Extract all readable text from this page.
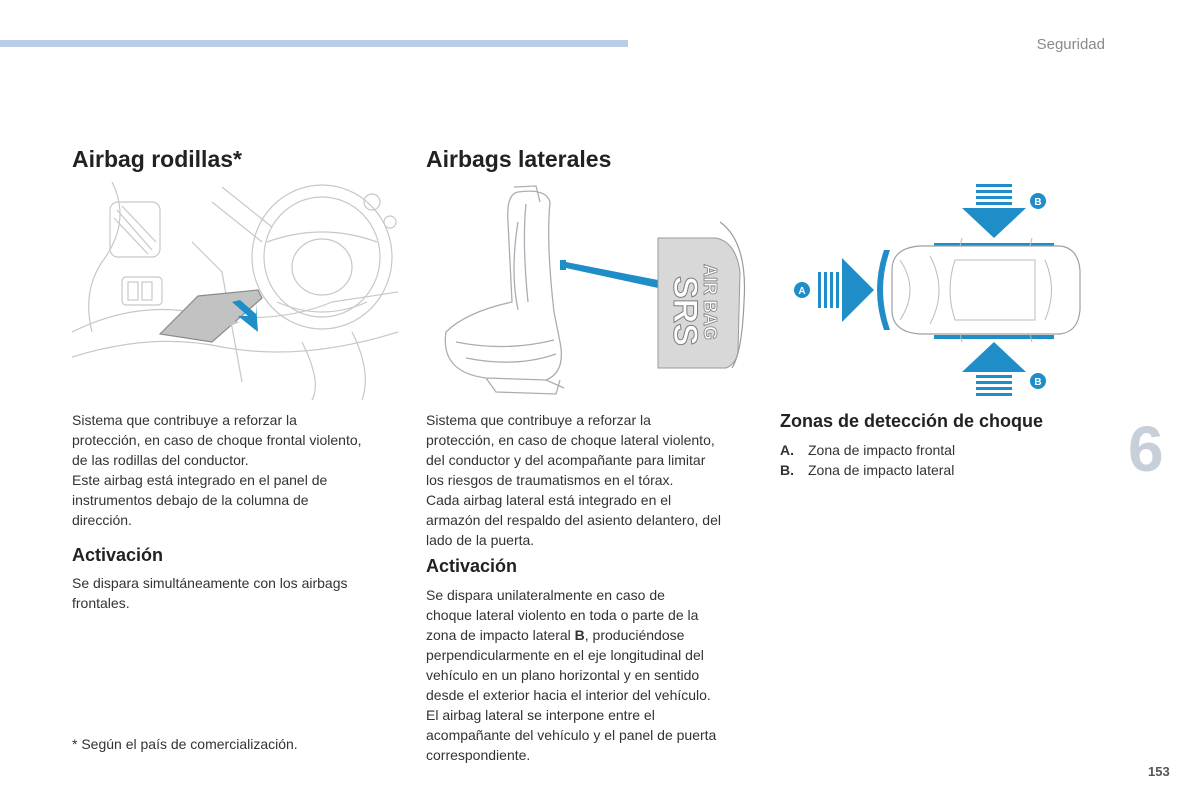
Seguridad
Airbag rodillas*

Sistema que contribuye a reforzar la

protección, en caso de choque frontal violento,

de las rodillas del conductor.

Este airbag está integrado en el panel de

instrumentos debajo de la columna de

dirección.

Activación

Se dispara simultáneamente con los airbags

frontales.

* Según el país de comercialización.
Airbags laterales
SRS
AIR BAG

Sistema que contribuye a reforzar la

protección, en caso de choque lateral violento,

del conductor y del acompañante para limitar

los riesgos de traumatismos en el tórax.

Cada airbag lateral está integrado en el

armazón del respaldo del asiento delantero, del

lado de la puerta.

Activación

Se dispara unilateralmente en caso de

choque lateral violento en toda o parte de la

zona de impacto lateral B, produciéndose

perpendicularmente en el eje longitudinal del

vehículo en un plano horizontal y en sentido

desde el exterior hacia el interior del vehículo.

El airbag lateral se interpone entre el

acompañante del vehículo y el panel de puerta

correspondiente.

A
B
B
Zonas de detección de choque
A.	Zona de impacto frontal
B.	Zona de impacto lateral	6
153
